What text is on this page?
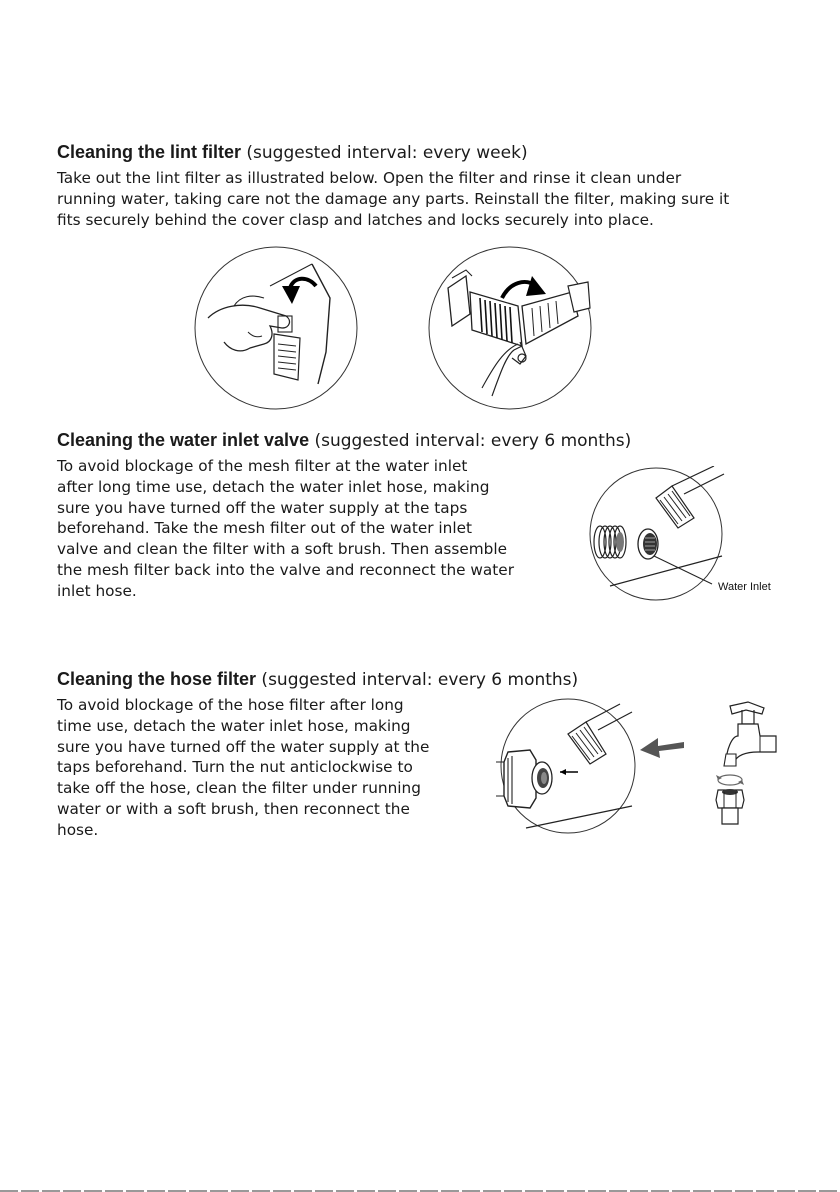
Cleaning the lint filter (suggested interval: every week)
Take out the lint filter as illustrated below. Open the filter and rinse it clean under
running water, taking care not the damage any parts. Reinstall the filter, making sure it
fits securely behind the cover clasp and latches and locks securely into place.
Cleaning the water inlet valve (suggested interval: every 6 months)
To avoid blockage of the mesh filter at the water inlet
after long time use, detach the water inlet hose, making
sure you have turned off the water supply at the taps
beforehand. Take the mesh filter out of the water inlet
valve and clean the filter with a soft brush. Then assemble
the mesh filter back into the valve and reconnect the water
inlet hose.	Water Inlet
Cleaning the hose filter (suggested interval: every 6 months)
To avoid blockage of the hose filter after long
time use, detach the water inlet hose, making
sure you have turned off the water supply at the
taps beforehand. Turn the nut anticlockwise to
take off the hose, clean the filter under running
water or with a soft brush, then reconnect the
hose.
